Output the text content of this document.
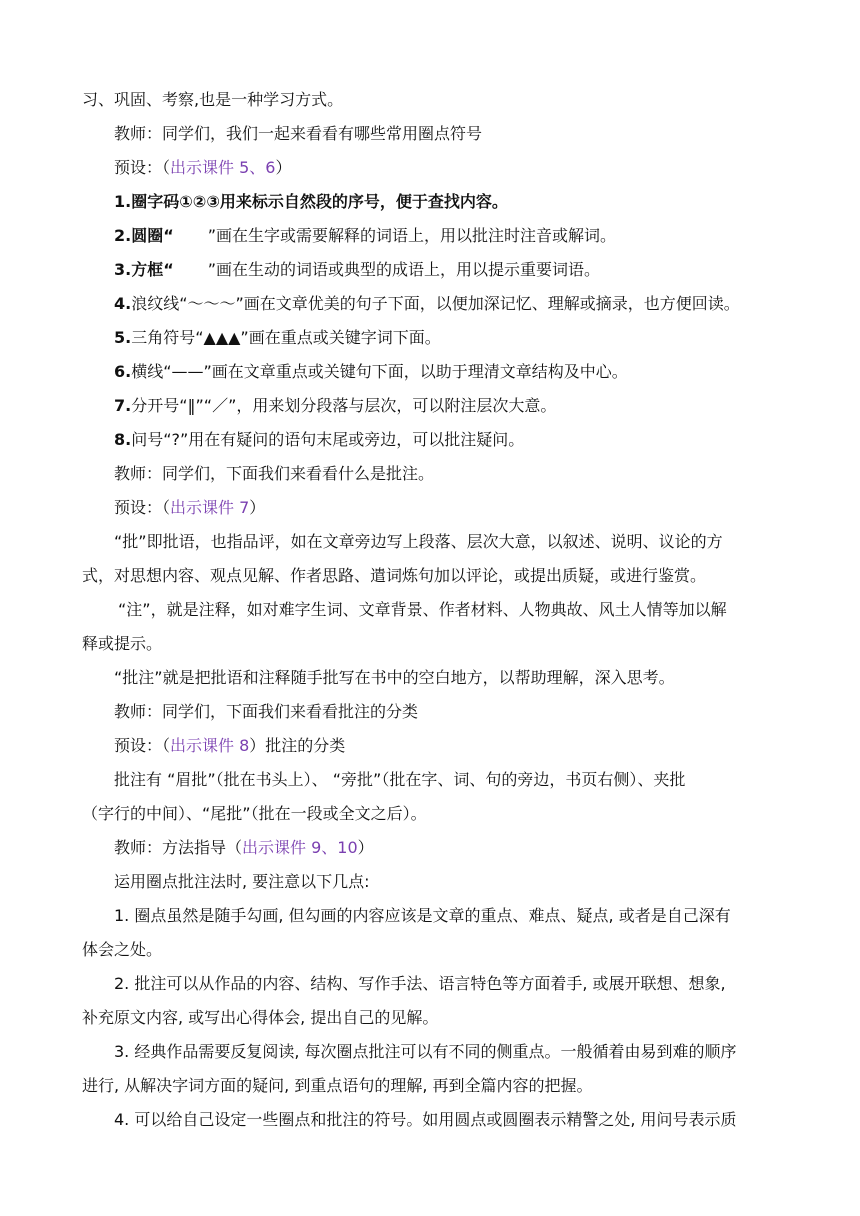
习、巩固、考察,也是一种学习方式。
教师：同学们，我们一起来看看有哪些常用圈点符号
预设：（出示课件 5、6）
1.圈字码①②③用来标示自然段的序号，便于查找内容。
2.圆圈“ ”画在生字或需要解释的词语上，用以批注时注音或解词。
3.方框“ ”画在生动的词语或典型的成语上，用以提示重要词语。
4.浪纹线“～～～”画在文章优美的句子下面，以便加深记忆、理解或摘录，也方便回读。
5.三角符号“▲▲▲”画在重点或关键字词下面。
6.横线“——”画在文章重点或关键句下面，以助于理清文章结构及中心。
7.分开号“‖”“／”，用来划分段落与层次，可以附注层次大意。
8.问号“?”用在有疑问的语句末尾或旁边，可以批注疑问。
教师：同学们，下面我们来看看什么是批注。
预设：（出示课件 7）
“批”即批语，也指品评，如在文章旁边写上段落、层次大意，以叙述、说明、议论的方
式，对思想内容、观点见解、作者思路、遣词炼句加以评论，或提出质疑，或进行鉴赏。
“注”，就是注释，如对难字生词、文章背景、作者材料、人物典故、风土人情等加以解
释或提示。
“批注”就是把批语和注释随手批写在书中的空白地方，以帮助理解，深入思考。
教师：同学们，下面我们来看看批注的分类
预设：（出示课件 8）批注的分类
批注有 “眉批”（批在书头上）、 “旁批”（批在字、词、句的旁边，书页右侧）、夹批
（字行的中间）、“尾批”（批在一段或全文之后）。
教师：方法指导（出示课件 9、10）
运用圈点批注法时, 要注意以下几点:
1. 圈点虽然是随手勾画, 但勾画的内容应该是文章的重点、难点、疑点, 或者是自己深有
体会之处。
2. 批注可以从作品的内容、结构、写作手法、语言特色等方面着手, 或展开联想、想象,
补充原文内容, 或写出心得体会, 提出自己的见解。
3. 经典作品需要反复阅读, 每次圈点批注可以有不同的侧重点。一般循着由易到难的顺序
进行, 从解决字词方面的疑问, 到重点语句的理解, 再到全篇内容的把握。
4. 可以给自己设定一些圈点和批注的符号。如用圆点或圆圈表示精警之处, 用问号表示质
